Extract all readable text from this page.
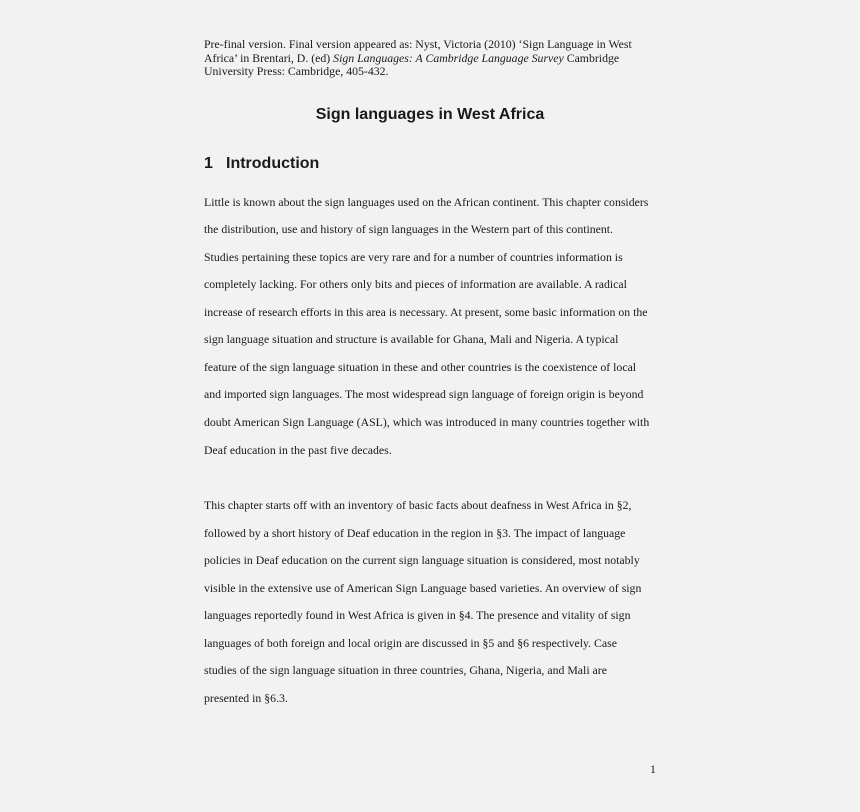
Pre-final version. Final version appeared as: Nyst, Victoria (2010) ‘Sign Language in West Africa’ in Brentari, D. (ed) Sign Languages: A Cambridge Language Survey Cambridge University Press: Cambridge, 405-432.
Sign languages in West Africa
1 Introduction
Little is known about the sign languages used on the African continent. This chapter considers
the distribution, use and history of sign languages in the Western part of this continent.
Studies pertaining these topics are very rare and for a number of countries information is
completely lacking. For others only bits and pieces of information are available. A radical
increase of research efforts in this area is necessary. At present, some basic information on the
sign language situation and structure is available for Ghana, Mali and Nigeria. A typical
feature of the sign language situation in these and other countries is the coexistence of local
and imported sign languages. The most widespread sign language of foreign origin is beyond
doubt American Sign Language (ASL), which was introduced in many countries together with
Deaf education in the past five decades.
This chapter starts off with an inventory of basic facts about deafness in West Africa in §2,
followed by a short history of Deaf education in the region in §3. The impact of language
policies in Deaf education on the current sign language situation is considered, most notably
visible in the extensive use of American Sign Language based varieties. An overview of sign
languages reportedly found in West Africa is given in §4. The presence and vitality of sign
languages of both foreign and local origin are discussed in §5 and §6 respectively. Case
studies of the sign language situation in three countries, Ghana, Nigeria, and Mali are
presented in §6.3.
1
